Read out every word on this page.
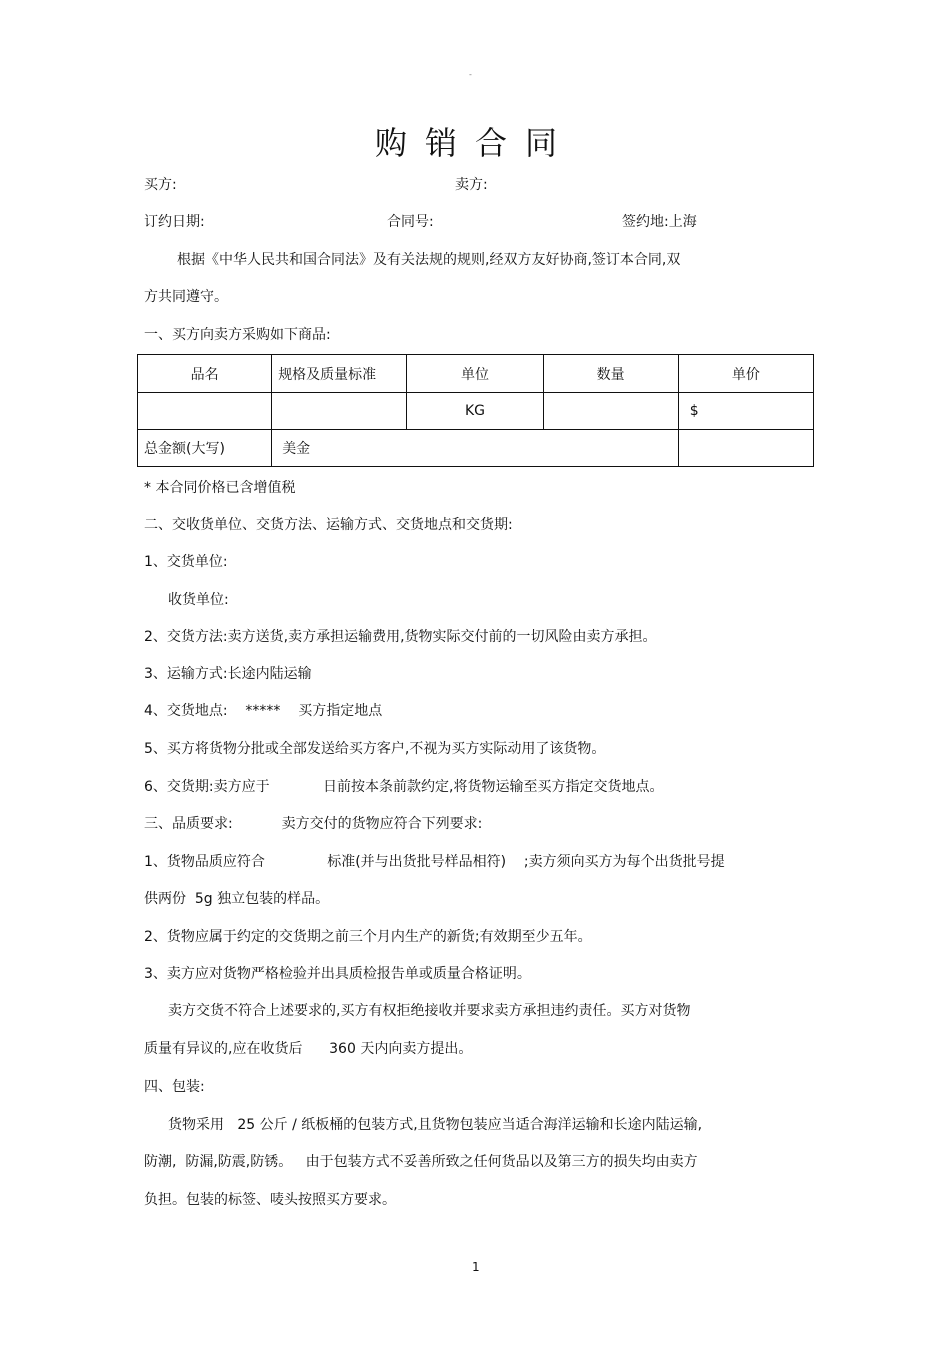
-
购销合同
买方:	卖方:
订约日期:	合同号:	签约地:上海
根据《中华人民共和国合同法》及有关法规的规则,经双方友好协商,签订本合同,双
方共同遵守。
一、买方向卖方采购如下商品:
品名	规格及质量标准	单位	数量	单价
		KG		$
总金额(大写)	美金			
* 本合同价格已含增值税
二、交收货单位、交货方法、运输方式、交货地点和交货期:
1、交货单位:
收货单位:
2、交货方法:卖方送货,卖方承担运输费用,货物实际交付前的一切风险由卖方承担。
3、运输方式:长途内陆运输
4、交货地点:    *****    买方指定地点
5、买方将货物分批或全部发送给买方客户,不视为买方实际动用了该货物。
6、交货期:卖方应于            日前按本条前款约定,将货物运输至买方指定交货地点。
三、品质要求:           卖方交付的货物应符合下列要求:
1、货物品质应符合              标准(并与出货批号样品相符)    ;卖方须向买方为每个出货批号提
供两份  5g 独立包装的样品。
2、货物应属于约定的交货期之前三个月内生产的新货;有效期至少五年。
3、卖方应对货物严格检验并出具质检报告单或质量合格证明。
卖方交货不符合上述要求的,买方有权拒绝接收并要求卖方承担违约责任。买方对货物
质量有异议的,应在收货后      360 天内向卖方提出。
四、包装:
货物采用   25 公斤 / 纸板桶的包装方式,且货物包装应当适合海洋运输和长途内陆运输,
防潮,  防漏,防震,防锈。   由于包装方式不妥善所致之任何货品以及第三方的损失均由卖方
负担。包装的标签、唛头按照买方要求。
1
